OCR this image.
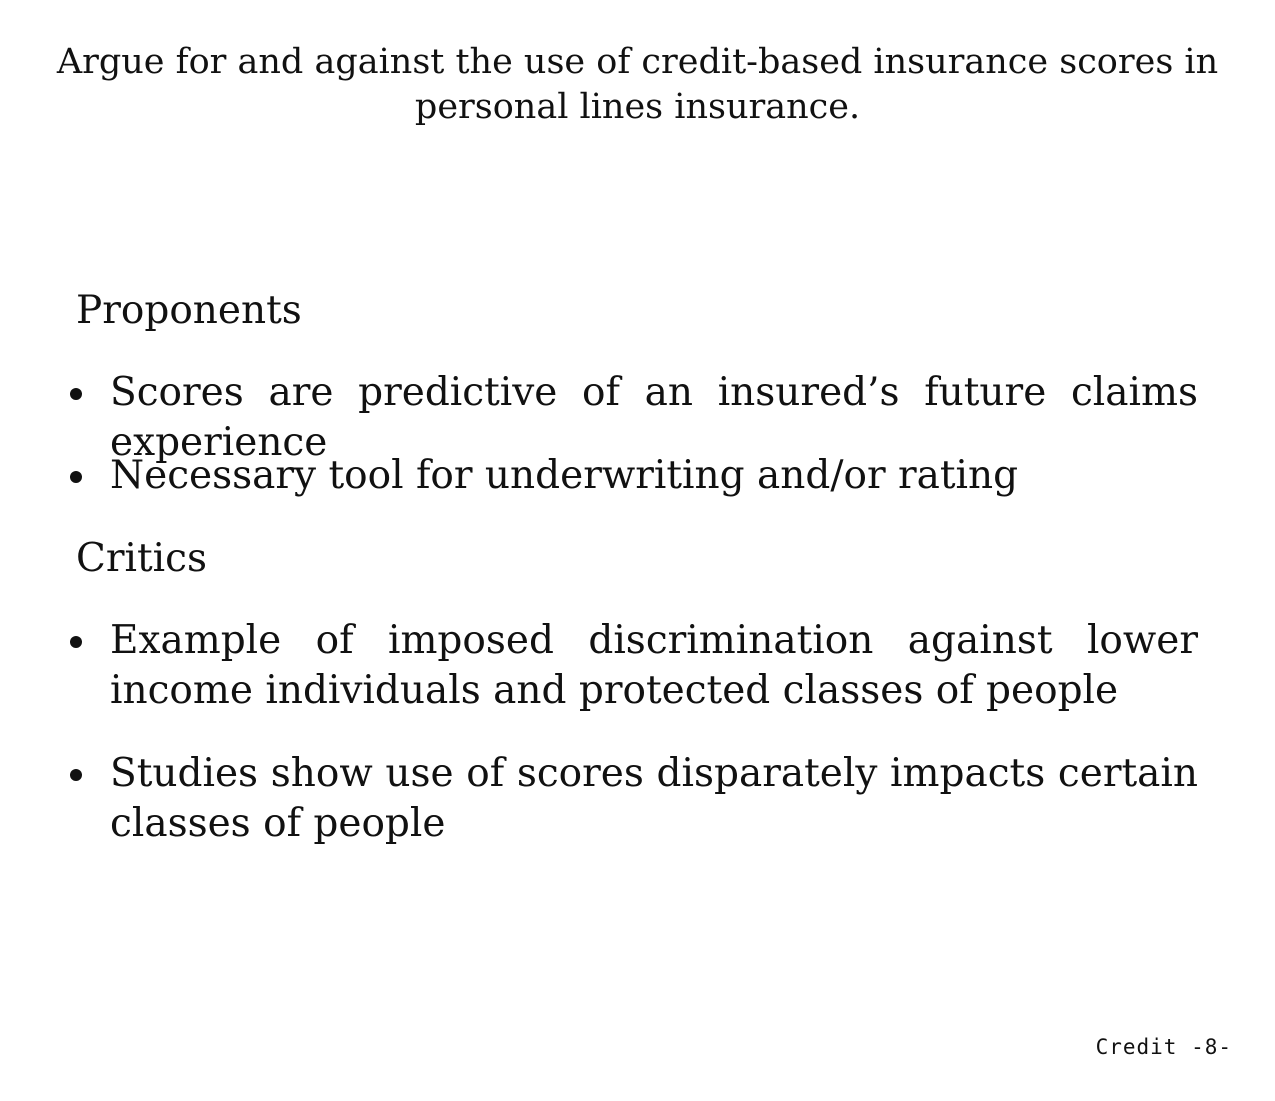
Argue for and against the use of credit-based insurance scores in personal lines insurance.
Proponents
Scores are predictive of an insured’s future claims experience
Necessary tool for underwriting and/or rating
Critics
Example of imposed discrimination against lower income individuals and protected classes of people
Studies show use of scores disparately impacts certain classes of people
Credit -8-
